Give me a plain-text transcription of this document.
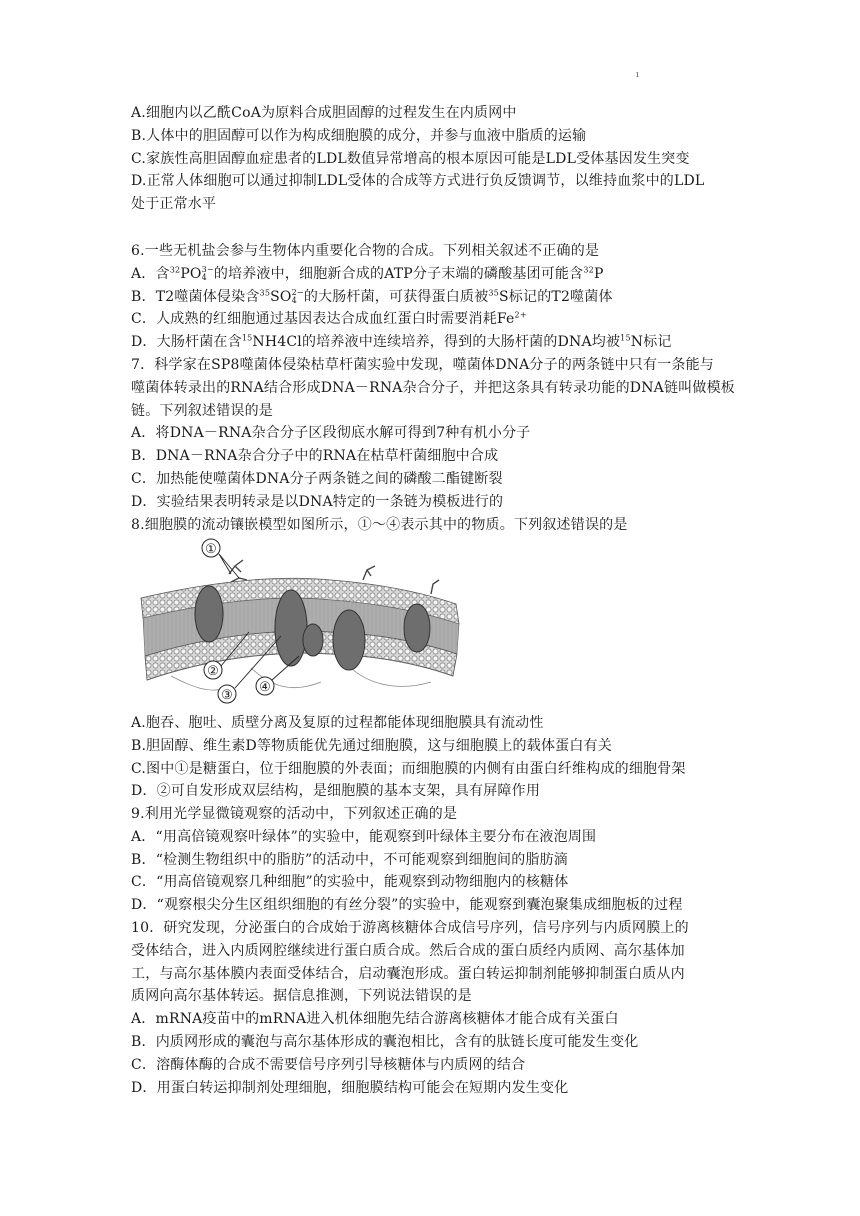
ı
A.细胞内以乙酰CoA为原料合成胆固醇的过程发生在内质网中
B.人体中的胆固醇可以作为构成细胞膜的成分，并参与血液中脂质的运输
C.家族性高胆固醇血症患者的LDL数值异常增高的根本原因可能是LDL受体基因发生突变
D.正常人体细胞可以通过抑制LDL受体的合成等方式进行负反馈调节，以维持血浆中的LDL
处于正常水平
6.一些无机盐会参与生物体内重要化合物的合成。下列相关叙述不正确的是
A．含$^{32}$PO 3−
4 的培养液中，细胞新合成的ATP分子末端的磷酸基团可能含$^{32}$P
B．T2噬菌体侵染含$^{35}$SO 2−
4 的大肠杆菌，可获得蛋白质被$^{35}$S标记的T2噬菌体
C．人成熟的红细胞通过基因表达合成血红蛋白时需要消耗$Fe^{2+}$
D．大肠杆菌在含$^{15}$NH4Cl的培养液中连续培养，得到的大肠杆菌的DNA均被$^{15}$N标记
7．科学家在SP8噬菌体侵染枯草杆菌实验中发现，噬菌体DNA分子的两条链中只有一条能与
噬菌体转录出的RNA结合形成DNA－RNA杂合分子，并把这条具有转录功能的DNA链叫做模板
链。下列叙述错误的是
A．将DNA－RNA杂合分子区段彻底水解可得到7种有机小分子
B．DNA－RNA杂合分子中的RNA在枯草杆菌细胞中合成
C．加热能使噬菌体DNA分子两条链之间的磷酸二酯键断裂
D．实验结果表明转录是以DNA特定的一条链为模板进行的
8.细胞膜的流动镶嵌模型如图所示，①～④表示其中的物质。下列叙述错误的是
①
②
③
④
A.胞吞、胞吐、质壁分离及复原的过程都能体现细胞膜具有流动性
B.胆固醇、维生素D等物质能优先通过细胞膜，这与细胞膜上的载体蛋白有关
C.图中①是糖蛋白，位于细胞膜的外表面；而细胞膜的内侧有由蛋白纤维构成的细胞骨架
D．②可自发形成双层结构，是细胞膜的基本支架，具有屏障作用
9.利用光学显微镜观察的活动中，下列叙述正确的是
A．“用高倍镜观察叶绿体”的实验中，能观察到叶绿体主要分布在液泡周围
B．“检测生物组织中的脂肪”的活动中，不可能观察到细胞间的脂肪滴
C．“用高倍镜观察几种细胞”的实验中，能观察到动物细胞内的核糖体
D．“观察根尖分生区组织细胞的有丝分裂”的实验中，能观察到囊泡聚集成细胞板的过程
10．研究发现，分泌蛋白的合成始于游离核糖体合成信号序列，信号序列与内质网膜上的
受体结合，进入内质网腔继续进行蛋白质合成。然后合成的蛋白质经内质网、高尔基体加
工，与高尔基体膜内表面受体结合，启动囊泡形成。蛋白转运抑制剂能够抑制蛋白质从内
质网向高尔基体转运。据信息推测，下列说法错误的是
A．mRNA疫苗中的mRNA进入机体细胞先结合游离核糖体才能合成有关蛋白
B．内质网形成的囊泡与高尔基体形成的囊泡相比，含有的肽链长度可能发生变化
C．溶酶体酶的合成不需要信号序列引导核糖体与内质网的结合
D．用蛋白转运抑制剂处理细胞，细胞膜结构可能会在短期内发生变化
